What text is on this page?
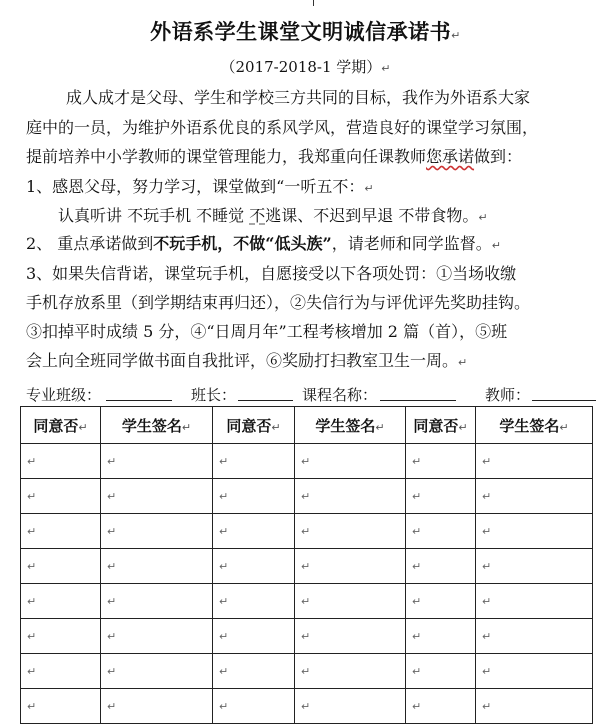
外语系学生课堂文明诚信承诺书↵
（2017-2018-1 学期）↵
成人成才是父母、学生和学校三方共同的目标，我作为外语系大家
庭中的一员，为维护外语系优良的系风学风，营造良好的课堂学习氛围，
提前培养中小学教师的课堂管理能力，我郑重向任课教师您承诺做到：
1、感恩父母，努力学习，课堂做到“一听五不：↵
认真听讲 不玩手机 不睡觉 不逃课、不迟到早退 不带食物。↵
2、 重点承诺做到不玩手机，不做“低头族”，请老师和同学监督。↵
3、如果失信背诺，课堂玩手机，自愿接受以下各项处罚：①当场收缴
手机存放系里（到学期结束再归还），②失信行为与评优评先奖助挂钩。
③扣掉平时成绩 5 分，④“日周月年”工程考核增加 2 篇（首），⑤班
会上向全班同学做书面自我批评，⑥奖励打扫教室卫生一周。↵
专业班级：	班长：	课程名称：	教师：
同意否↵	学生签名↵	同意否↵	学生签名↵	同意否↵	学生签名↵
↵	↵	↵	↵	↵	↵
↵	↵	↵	↵	↵	↵
↵	↵	↵	↵	↵	↵
↵	↵	↵	↵	↵	↵
↵	↵	↵	↵	↵	↵
↵	↵	↵	↵	↵	↵
↵	↵	↵	↵	↵	↵
↵	↵	↵	↵	↵	↵
